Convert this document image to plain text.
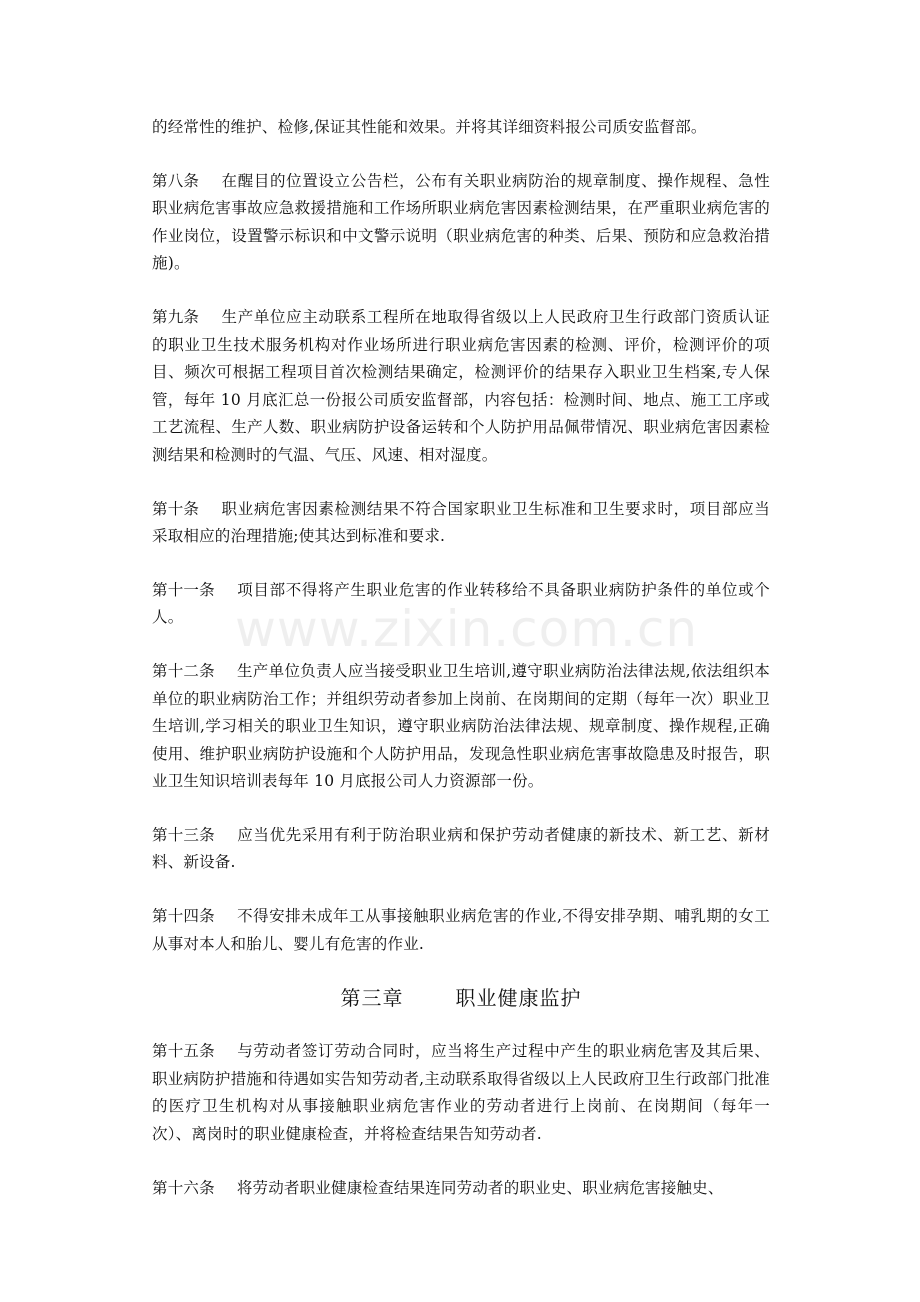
的经常性的维护、检修,保证其性能和效果。并将其详细资料报公司质安监督部。

第八条 在醒目的位置设立公告栏，公布有关职业病防治的规章制度、操作规程、急性职业病危害事故应急救援措施和工作场所职业病危害因素检测结果，在严重职业病危害的作业岗位，设置警示标识和中文警示说明（职业病危害的种类、后果、预防和应急救治措施)。

第九条 生产单位应主动联系工程所在地取得省级以上人民政府卫生行政部门资质认证的职业卫生技术服务机构对作业场所进行职业病危害因素的检测、评价，检测评价的项目、频次可根据工程项目首次检测结果确定，检测评价的结果存入职业卫生档案,专人保管，每年 10 月底汇总一份报公司质安监督部，内容包括：检测时间、地点、施工工序或工艺流程、生产人数、职业病防护设备运转和个人防护用品佩带情况、职业病危害因素检测结果和检测时的气温、气压、风速、相对湿度。

第十条 职业病危害因素检测结果不符合国家职业卫生标准和卫生要求时，项目部应当采取相应的治理措施;使其达到标准和要求.

第十一条 项目部不得将产生职业危害的作业转移给不具备职业病防护条件的单位或个人。

第十二条 生产单位负责人应当接受职业卫生培训,遵守职业病防治法律法规,依法组织本单位的职业病防治工作；并组织劳动者参加上岗前、在岗期间的定期（每年一次）职业卫生培训,学习相关的职业卫生知识，遵守职业病防治法律法规、规章制度、操作规程,正确使用、维护职业病防护设施和个人防护用品，发现急性职业病危害事故隐患及时报告，职业卫生知识培训表每年 10 月底报公司人力资源部一份。

第十三条 应当优先采用有利于防治职业病和保护劳动者健康的新技术、新工艺、新材料、新设备.

第十四条 不得安排未成年工从事接触职业病危害的作业,不得安排孕期、哺乳期的女工从事对本人和胎儿、婴儿有危害的作业.

第三章	职业健康监护

第十五条 与劳动者签订劳动合同时，应当将生产过程中产生的职业病危害及其后果、职业病防护措施和待遇如实告知劳动者,主动联系取得省级以上人民政府卫生行政部门批准的医疗卫生机构对从事接触职业病危害作业的劳动者进行上岗前、在岗期间（每年一次）、离岗时的职业健康检查，并将检查结果告知劳动者.

第十六条 将劳动者职业健康检查结果连同劳动者的职业史、职业病危害接触史、

www.zixin.com.cn
